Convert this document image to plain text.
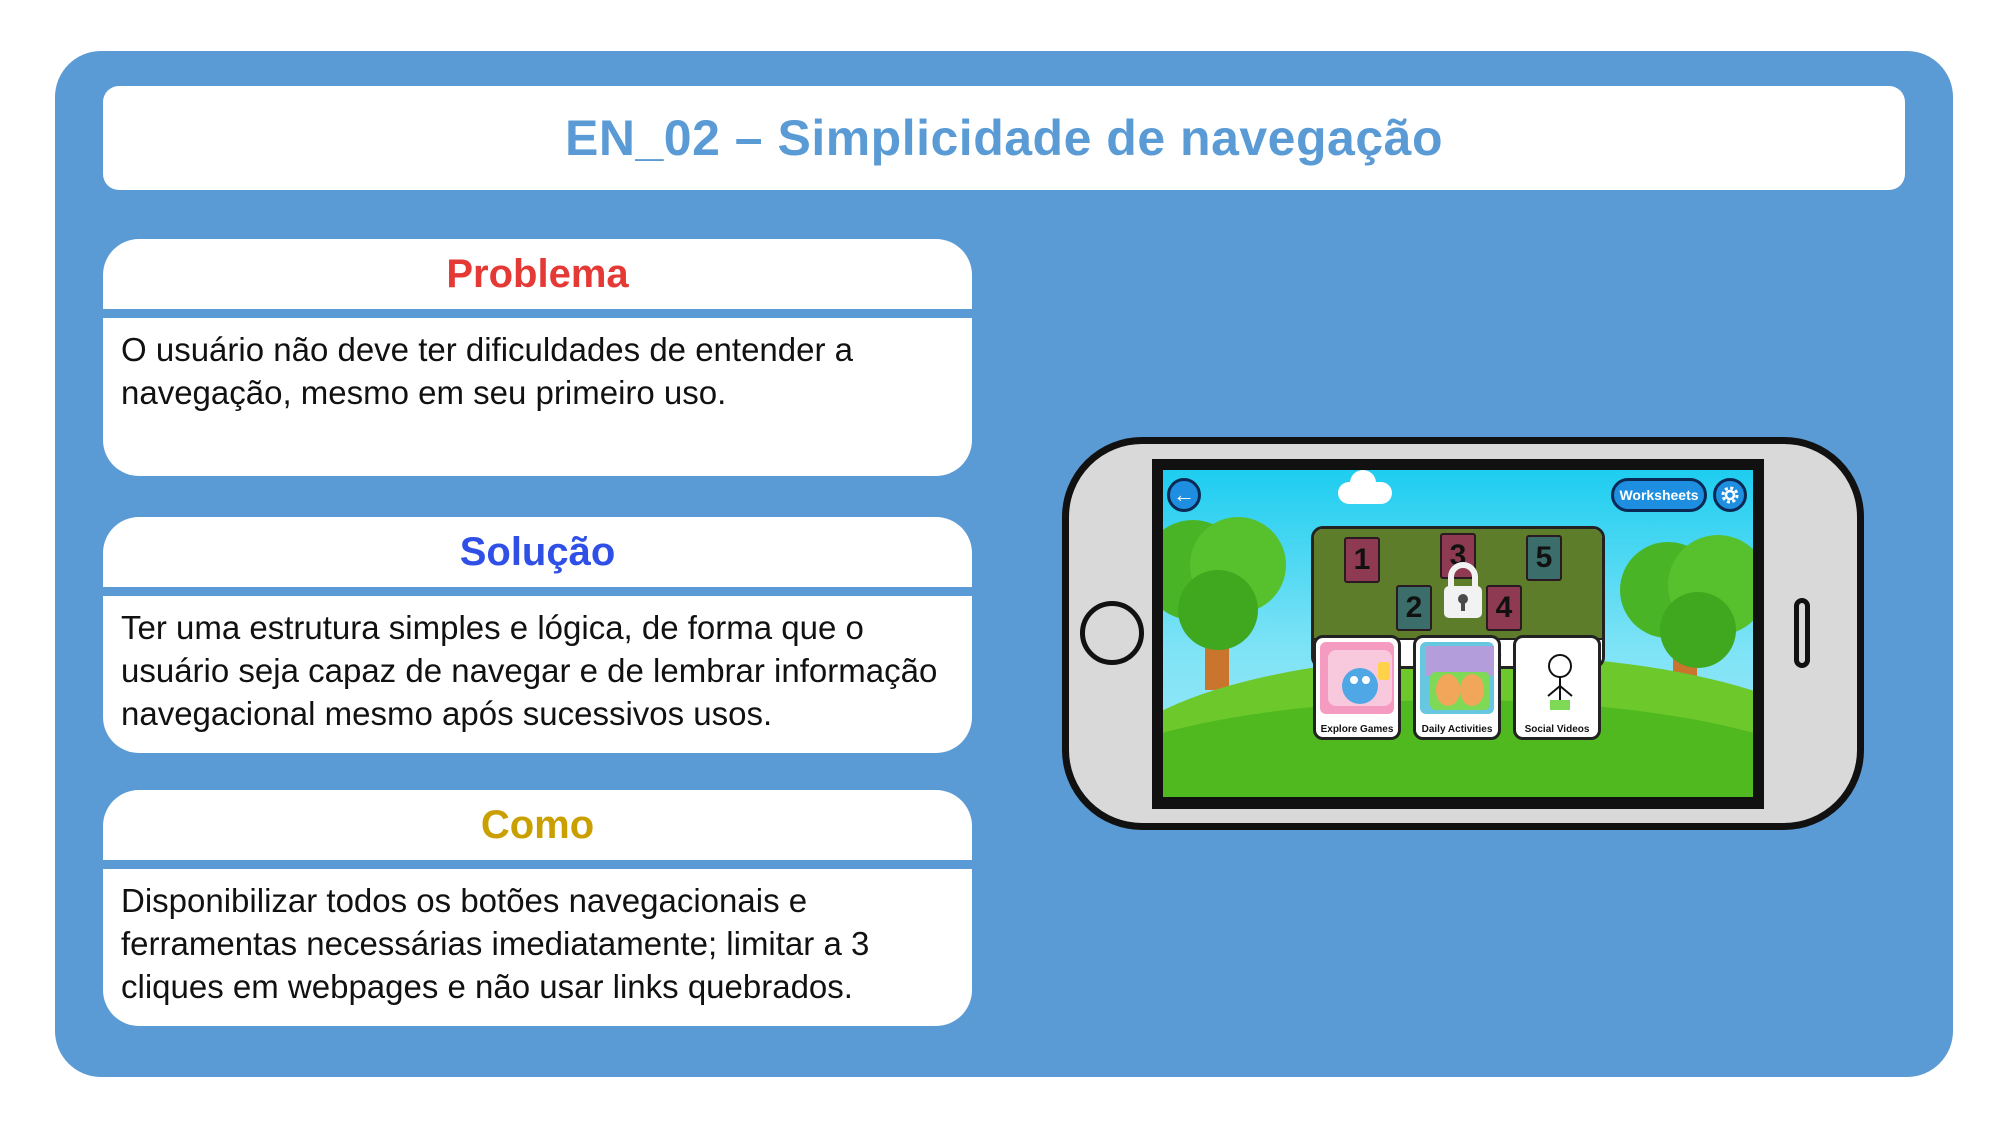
EN_02 – Simplicidade de navegação
Problema
O usuário não deve ter dificuldades de entender a
navegação, mesmo em seu primeiro uso.
Solução
Ter uma estrutura simples e lógica, de forma que o
usuário seja capaz de navegar e de lembrar informação
navegacional mesmo após sucessivos usos.
Como
Disponibilizar todos os botões navegacionais e
ferramentas necessárias imediatamente; limitar a 3
cliques em webpages e não usar links quebrados.
←	Worksheets
1	3	5
2	4
Explore Games	Daily Activities	Social Videos
